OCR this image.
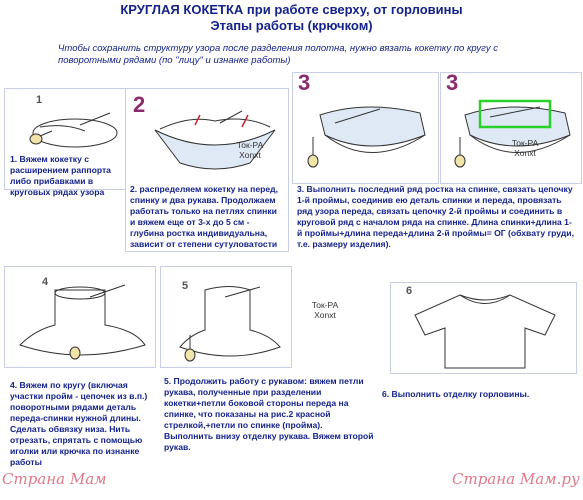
КРУГЛАЯ КОКЕТКА при работе сверху, от горловины
Этапы работы (крючком)
Чтобы сохранить структуру узора после разделения полотна, нужно вязать кокетку по кругу с поворотными рядами (по "лицу" и изнанке работы)
1
1. Вяжем кокетку с расширением раппорта либо прибавками в круговых рядах узора
2
Ток-РА
Xonxt
2. распределяем кокетку на перед, спинку и два рукава. Продолжаем работать только на петлях спинки и вяжем еще от 3-х до 5 см - глубина ростка индивидуальна, зависит от степени сутуловатости
3	3
Ток-РА
Xonxt
3. Выполнить последний ряд ростка на спинке, связать цепочку 1-й проймы, соединив ею деталь спинки и переда, провязать ряд узора переда, связать цепочку 2-й проймы и соединить в круговой ряд с началом ряда на спинке. Длина спинки+длина 1-й проймы+длина переда+длина 2-й проймы= ОГ (обхвату груди, т.е. размеру изделия).
4
4. Вяжем по кругу (включая участки пройм - цепочек из в.п.) поворотными рядами деталь переда-спинки нужной длины. Сделать обвязку низа. Нить отрезать, спрятать с помощью иголки или крючка по изнанке работы
5
5. Продолжить работу с рукавом: вяжем петли рукава, полученные при разделении кокетки+петли боковой стороны переда на спинке, что показаны на рис.2 красной стрелкой,+петли по спинке (пройма). Выполнить внизу отделку рукава. Вяжем второй рукав.
Ток-РА
Xonxt
6
6. Выполнить отделку горловины.
Страна Мам	Страна Мам.ру
